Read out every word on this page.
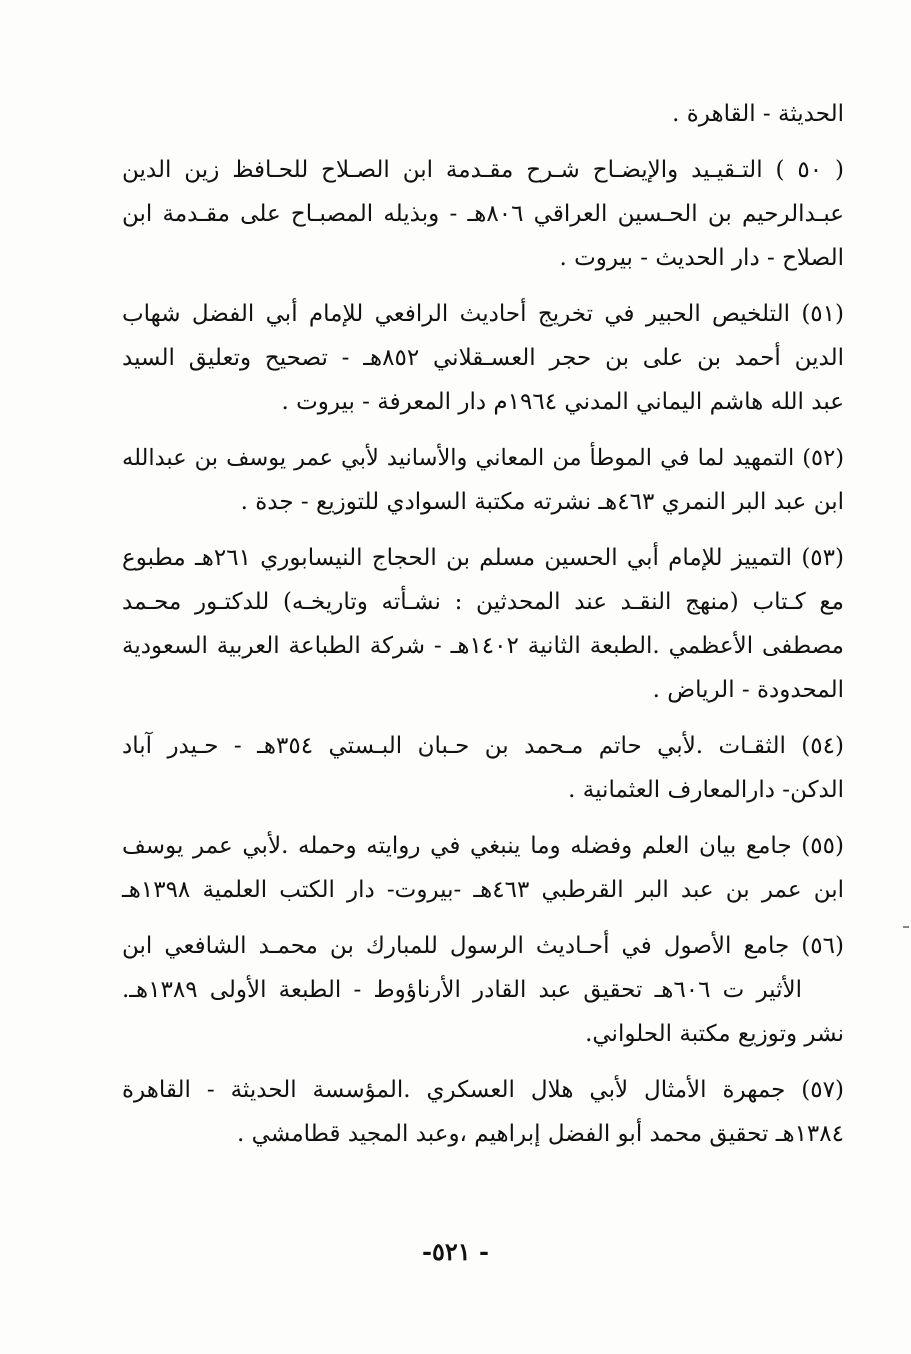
الحديثة - القاهرة .
( ٥٠ ) التـقيـيد والإيضـاح شـرح مقـدمة ابن الصـلاح للحـافظ زين الدين
عبـدالرحيم بن الحـسين العراقي ٨٠٦هـ - وبذيله المصبـاح على مقـدمة ابن
الصلاح - دار الحديث - بيروت .
(٥١) التلخيص الحبير في تخريج أحاديث الرافعي للإمام أبي الفضل شهاب
الدين أحمد بن على بن حجر العسـقلاني ٨٥٢هـ - تصحيح وتعليق السيد
عبد الله هاشم اليماني المدني ١٩٦٤م دار المعرفة - بيروت .
(٥٢) التمهيد لما في الموطأ من المعاني والأسانيد لأبي عمر يوسف بن عبدالله
ابن عبد البر النمري ٤٦٣هـ نشرته مكتبة السوادي للتوزيع - جدة .
(٥٣) التمييز للإمام أبي الحسين مسلم بن الحجاج النيسابوري ٢٦١هـ مطبوع
مع كـتاب (منهج النقـد عند المحدثين : نشـأته وتاريخـه) للدكتـور محـمد
مصطفى الأعظمي .الطبعة الثانية ١٤٠٢هـ - شركة الطباعة العربية السعودية
المحدودة - الرياض .
(٥٤) الثقـات .لأبي حاتم مـحمد بن حـبان البـستي ٣٥٤هـ - حـيدر آباد
الدكن- دارالمعارف العثمانية .
(٥٥) جامع بيان العلم وفضله وما ينبغي في روايته وحمله .لأبي عمر يوسف
ابن عمر بن عبد البر القرطبي ٤٦٣هـ -بيروت- دار الكتب العلمية ١٣٩٨هـ
(٥٦) جامع الأصول في أحـاديث الرسول للمبارك بن محمـد الشافعي ابن
الأثير ت ٦٠٦هـ تحقيق عبد القادر الأرناؤوط - الطبعة الأولى ١٣٨٩هـ.
نشر وتوزيع مكتبة الحلواني.
(٥٧) جمهرة الأمثال لأبي هلال العسكري .المؤسسة الحديثة - القاهرة
١٣٨٤هـ تحقيق محمد أبو الفضل إبراهيم ،وعبد المجيد قطامشي .
- ٥٢١-
